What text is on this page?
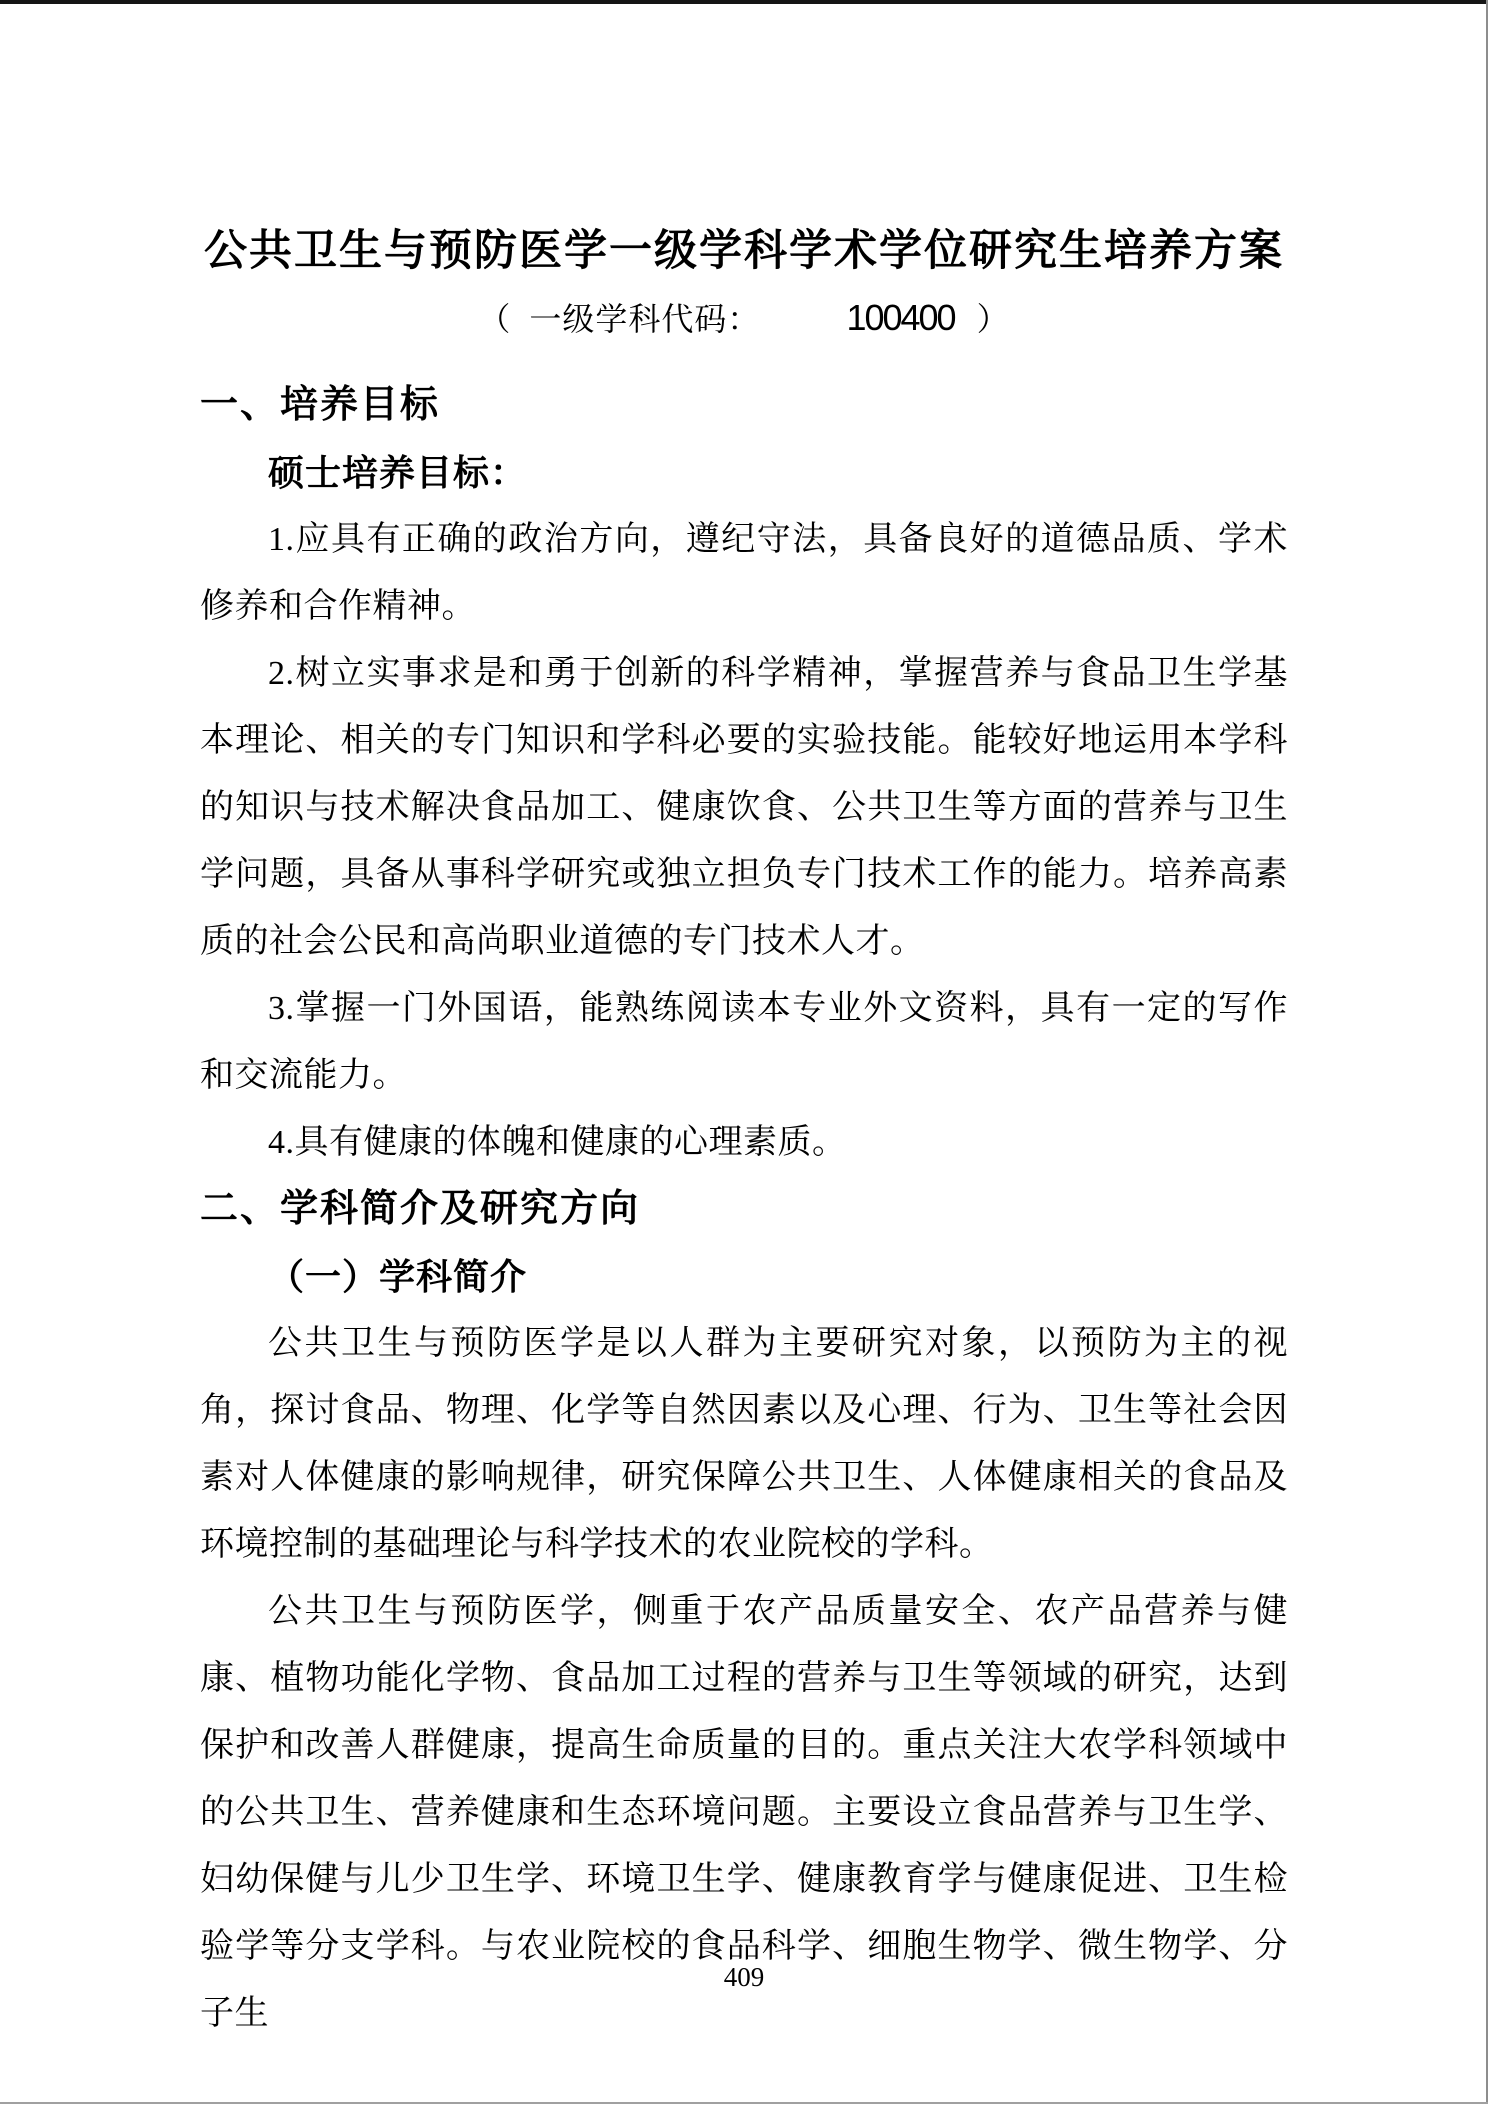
公共卫生与预防医学一级学科学术学位研究生培养方案
（ 一级学科代码： 100400 ）
一、培养目标
硕士培养目标：

1.应具有正确的政治方向，遵纪守法，具备良好的道德品质、学术修养和合作精神。

2.树立实事求是和勇于创新的科学精神，掌握营养与食品卫生学基本理论、相关的专门知识和学科必要的实验技能。能较好地运用本学科的知识与技术解决食品加工、健康饮食、公共卫生等方面的营养与卫生学问题，具备从事科学研究或独立担负专门技术工作的能力。培养高素质的社会公民和高尚职业道德的专门技术人才。

3.掌握一门外国语，能熟练阅读本专业外文资料，具有一定的写作和交流能力。

4.具有健康的体魄和健康的心理素质。

二、学科简介及研究方向
（一）学科简介

公共卫生与预防医学是以人群为主要研究对象，以预防为主的视角，探讨食品、物理、化学等自然因素以及心理、行为、卫生等社会因素对人体健康的影响规律，研究保障公共卫生、人体健康相关的食品及环境控制的基础理论与科学技术的农业院校的学科。

公共卫生与预防医学，侧重于农产品质量安全、农产品营养与健康、植物功能化学物、食品加工过程的营养与卫生等领域的研究，达到保护和改善人群健康，提高生命质量的目的。重点关注大农学科领域中的公共卫生、营养健康和生态环境问题。主要设立食品营养与卫生学、妇幼保健与儿少卫生学、环境卫生学、健康教育学与健康促进、卫生检验学等分支学科。与农业院校的食品科学、细胞生物学、微生物学、分子生

409
